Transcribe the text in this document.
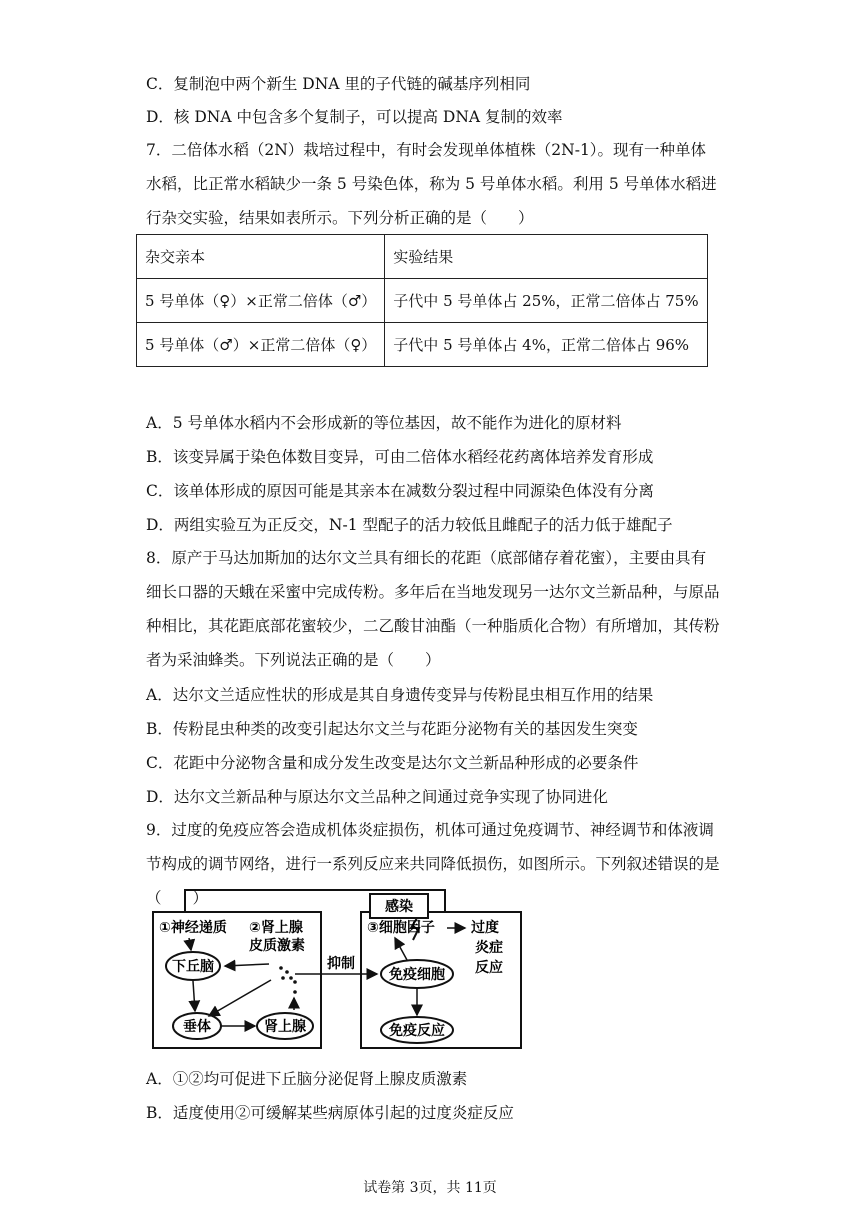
C．复制泡中两个新生 DNA 里的子代链的碱基序列相同
D．核 DNA 中包含多个复制子，可以提高 DNA 复制的效率
7．二倍体水稻（2N）栽培过程中，有时会发现单体植株（2N-1）。现有一种单体水稻，比正常水稻缺少一条 5 号染色体，称为 5 号单体水稻。利用 5 号单体水稻进行杂交实验，结果如表所示。下列分析正确的是（　　）
杂交亲本	实验结果
5 号单体（♀）×正常二倍体（♂）	子代中 5 号单体占 25%，正常二倍体占 75%
5 号单体（♂）×正常二倍体（♀）	子代中 5 号单体占 4%，正常二倍体占 96%
A．5 号单体水稻内不会形成新的等位基因，故不能作为进化的原材料
B．该变异属于染色体数目变异，可由二倍体水稻经花药离体培养发育形成
C．该单体形成的原因可能是其亲本在减数分裂过程中同源染色体没有分离
D．两组实验互为正反交，N-1 型配子的活力较低且雌配子的活力低于雄配子
8．原产于马达加斯加的达尔文兰具有细长的花距（底部储存着花蜜），主要由具有细长口器的天蛾在采蜜中完成传粉。多年后在当地发现另一达尔文兰新品种，与原品种相比，其花距底部花蜜较少，二乙酸甘油酯（一种脂质化合物）有所增加，其传粉者为采油蜂类。下列说法正确的是（　　）
A．达尔文兰适应性状的形成是其自身遗传变异与传粉昆虫相互作用的结果
B．传粉昆虫种类的改变引起达尔文兰与花距分泌物有关的基因发生突变
C．花距中分泌物含量和成分发生改变是达尔文兰新品种形成的必要条件
D．达尔文兰新品种与原达尔文兰品种之间通过竞争实现了协同进化
9．过度的免疫应答会造成机体炎症损伤，机体可通过免疫调节、神经调节和体液调节构成的调节网络，进行一系列反应来共同降低损伤，如图所示。下列叙述错误的是（　　）	感染
①神经递质 ②肾上腺
皮质激素
下丘脑
垂体	肾上腺
抑制
③细胞因子	过度
炎症
反应
免疫细胞
免疫反应
A．①②均可促进下丘脑分泌促肾上腺皮质激素
B．适度使用②可缓解某些病原体引起的过度炎症反应
试卷第 3页，共 11页
